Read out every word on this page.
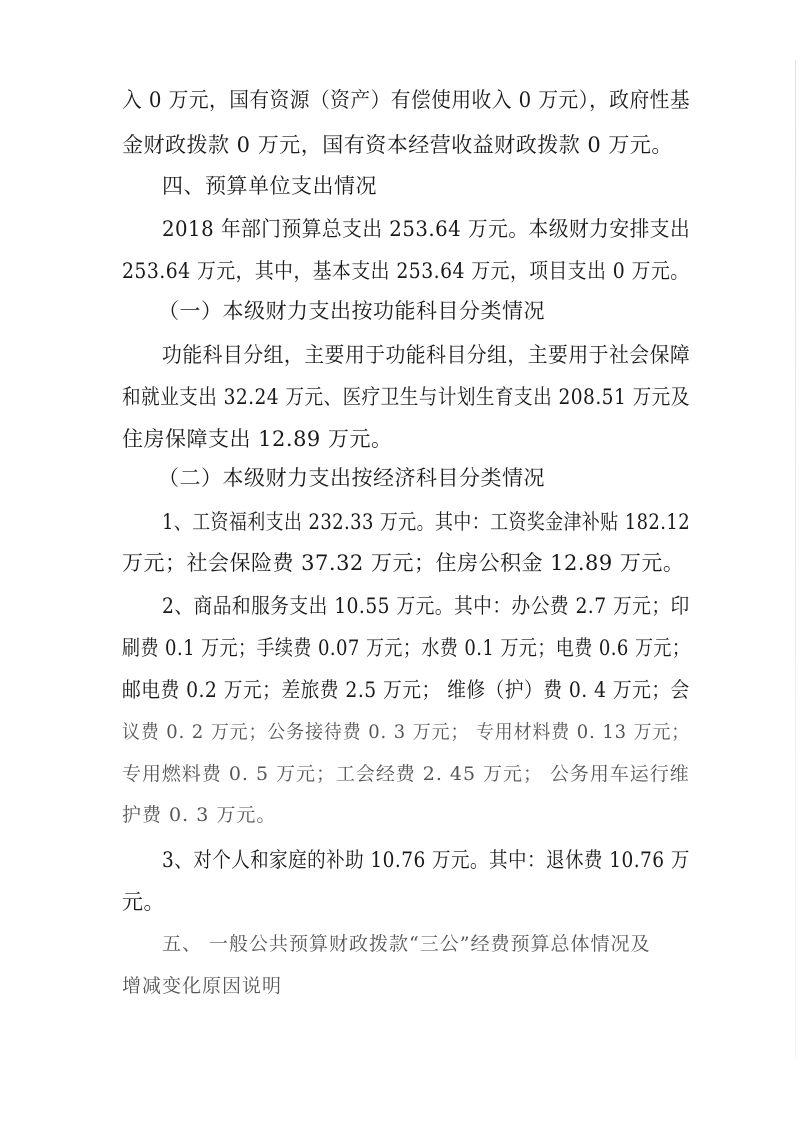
入 0 万元，国有资源（资产）有偿使用收入 0 万元），政府性基
金财政拨款 0 万元，国有资本经营收益财政拨款 0 万元。
四、预算单位支出情况
2018 年部门预算总支出 253.64 万元。本级财力安排支出
253.64 万元，其中，基本支出 253.64 万元，项目支出 0 万元。
（一）本级财力支出按功能科目分类情况
功能科目分组，主要用于功能科目分组，主要用于社会保障
和就业支出 32.24 万元、医疗卫生与计划生育支出 208.51 万元及
住房保障支出 12.89 万元。
（二）本级财力支出按经济科目分类情况
1、工资福利支出 232.33 万元。其中：工资奖金津补贴 182.12
万元；社会保险费 37.32 万元；住房公积金 12.89 万元。
2、商品和服务支出 10.55 万元。其中：办公费 2.7 万元；印
刷费 0.1 万元；手续费 0.07 万元；水费 0.1 万元；电费 0.6 万元；
邮电费 0.2 万元；差旅费 2.5 万元； 维修（护）费 0. 4 万元；会
议费 0. 2 万元；公务接待费 0. 3 万元； 专用材料费 0. 13 万元；
专用燃料费 0. 5 万元；工会经费 2. 45 万元； 公务用车运行维
护费 0. 3 万元。
3、对个人和家庭的补助 10.76 万元。其中：退休费 10.76 万
元。
五、 一般公共预算财政拨款“三公”经费预算总体情况及
增减变化原因说明
